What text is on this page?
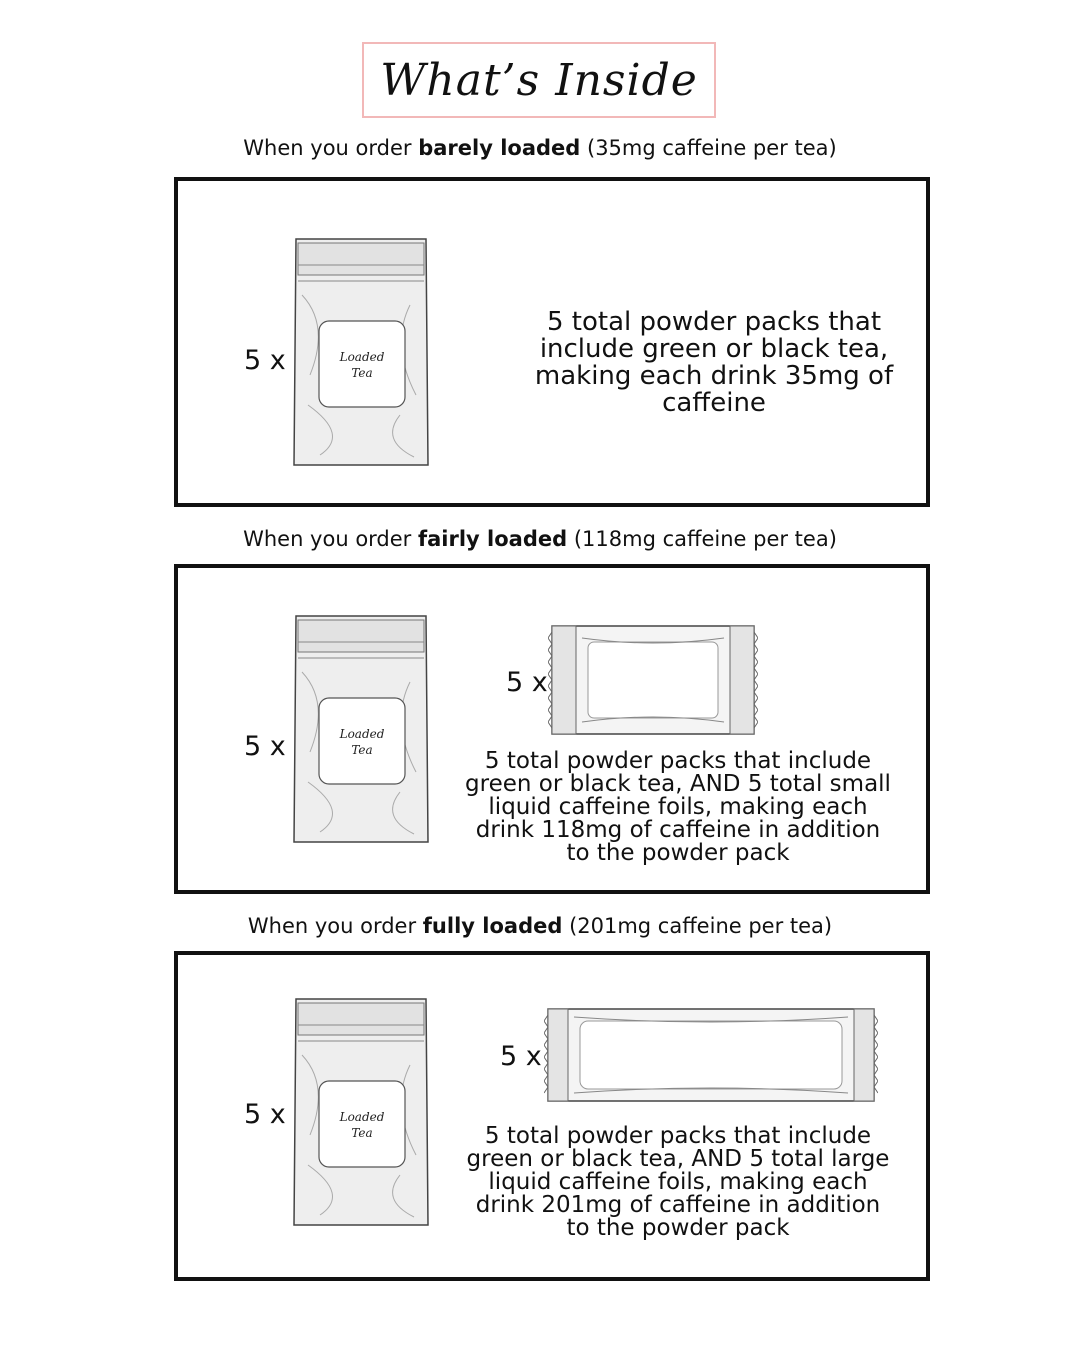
What’s Inside
When you order barely loaded (35mg caffeine per tea)
5 x	Loaded
Tea
5 total powder packs that include green or black tea, making each drink 35mg of caffeine
When you order fairly loaded (118mg caffeine per tea)
5 x	Loaded
Tea
5 x
5 total powder packs that include green or black tea, AND 5 total small liquid caffeine foils, making each drink 118mg of caffeine in addition to the powder pack
When you order fully loaded (201mg caffeine per tea)
5 x	Loaded
Tea
5 x
5 total powder packs that include green or black tea, AND 5 total large liquid caffeine foils, making each drink 201mg of caffeine in addition to the powder pack
